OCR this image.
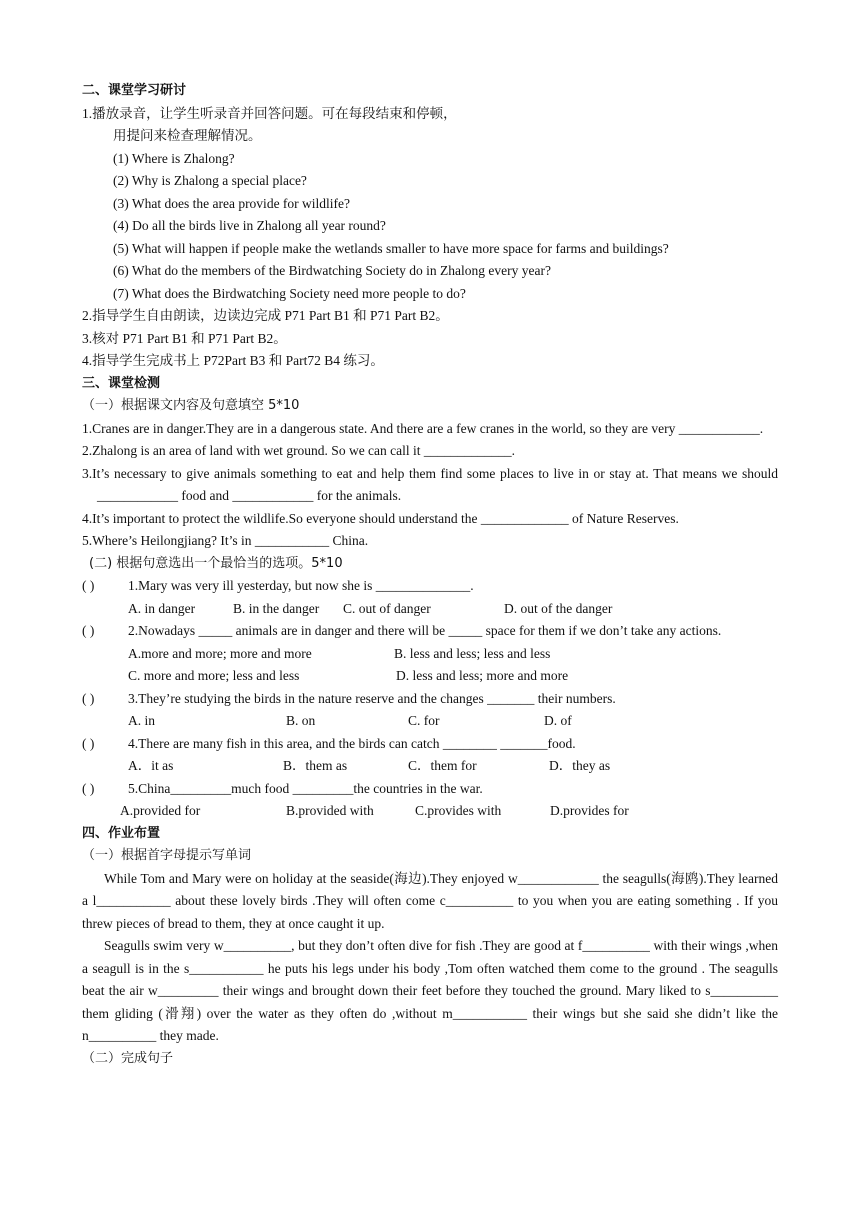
二、课堂学习研讨
1.播放录音，让学生听录音并回答问题。可在每段结束和停顿，
用提问来检查理解情况。
(1) Where is Zhalong?
(2) Why is Zhalong a special place?
(3) What does the area provide for wildlife?
(4) Do all the birds live in Zhalong all year round?
(5) What will happen if people make the wetlands smaller to have more space for farms and buildings?
(6) What do the members of the Birdwatching Society do in Zhalong every year?
(7) What does the Birdwatching Society need more people to do?
2.指导学生自由朗读，边读边完成 P71 Part B1 和 P71 Part B2。
3.核对 P71 Part B1 和 P71 Part B2。
4.指导学生完成书上 P72Part B3 和 Part72 B4 练习。
三、课堂检测
（一）根据课文内容及句意填空 5*10
1.Cranes are in danger.They are in a dangerous state. And there are a few cranes in the world, so they are very ____________.
2.Zhalong is an area of land with wet ground. So we can call it _____________.
3.It’s necessary to give animals something to eat and help them find some places to live in or stay at. That means we should ____________ food and ____________ for the animals.
4.It’s important to protect the wildlife.So everyone should understand the _____________ of Nature Reserves.
5.Where’s Heilongjiang? It’s in ___________ China.
(二) 根据句意选出一个最恰当的选项。5*10
( )	1.Mary was very ill yesterday, but now she is ______________.
A. in danger	B. in the danger C. out of danger	D. out of the danger
( )	2.Nowadays _____ animals are in danger and there will be _____ space for them if we don’t take any actions.
A.more and more; more and more	B. less and less; less and less
C. more and more; less and less	D. less and less; more and more
( )	3.They’re studying the birds in the nature reserve and the changes _______ their numbers.
A. in	B. on	C. for	D. of
( )	4.There are many fish in this area, and the birds can catch ________ _______food.
A．it as	B．them as	C．them for	D．they as
( )	5.China_________much food _________the countries in the war.
A.provided for	B.provided with	C.provides with	D.provides for
四、作业布置
（一）根据首字母提示写单词
While Tom and Mary were on holiday at the seaside(海边).They enjoyed w____________ the seagulls(海鸥).They learned a l___________ about these lovely birds .They will often come c__________ to you when you are eating something . If you threw pieces of bread to them, they at once caught it up.
Seagulls swim very w__________, but they don’t often dive for fish .They are good at f__________ with their wings ,when a seagull is in the s___________ he puts his legs under his body ,Tom often watched them come to the ground . The seagulls beat the air w_________ their wings and brought down their feet before they touched the ground. Mary liked to s__________ them gliding (滑翔) over the water as they often do ,without m___________ their wings but she said she didn’t like the n__________ they made.
（二）完成句子
